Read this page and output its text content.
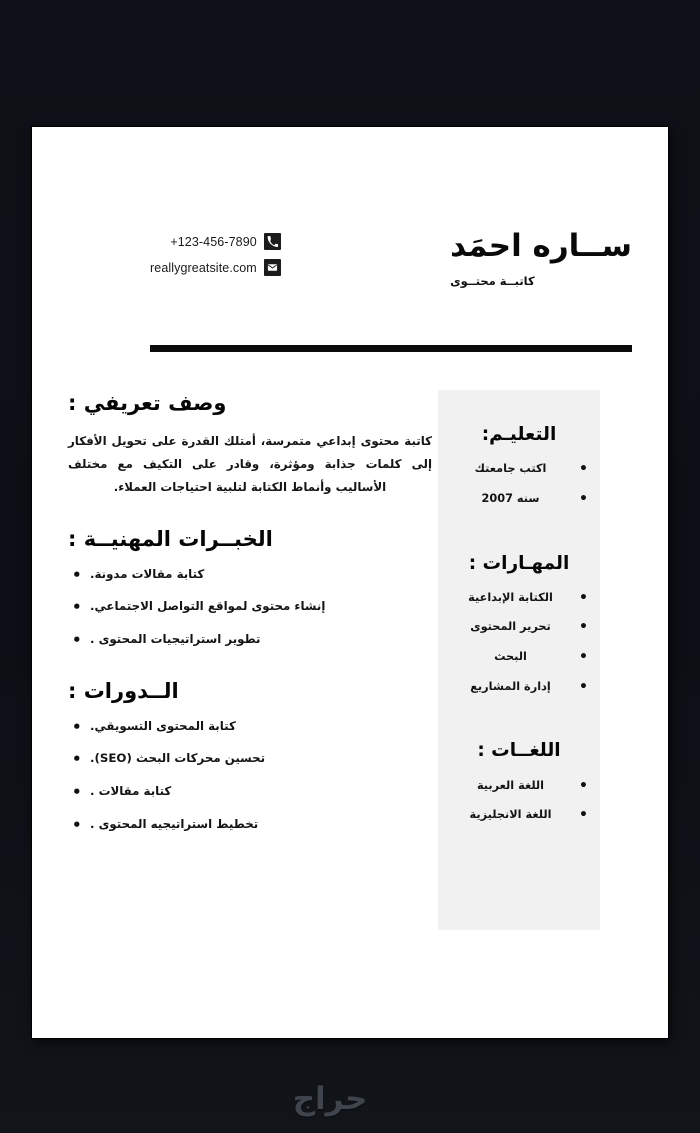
ســاره احمَد
كاتبــة محتــوى
+123-456-7890
reallygreatsite.com
التعليـم:
• اكتب جامعتك
• سنه 2007
المهـارات :
• الكتابة الإبداعية
• تحرير المحتوى
• البحث
• إدارة المشاريع
اللغــات :
• اللغة العربية
• اللغة الانجليزية
وصف تعريفي :

كاتبة محتوى إبداعي متمرسة، أمتلك القدرة على تحويل الأفكار إلى كلمات جذابة ومؤثرة، وقادر على التكيف مع مختلف الأساليب وأنماط الكتابة لتلبية احتياجات العملاء.

الخبــرات المهنيــة :
كتابة مقالات مدونة. •
إنشاء محتوى لمواقع التواصل الاجتماعي. •
تطوير استراتيجيات المحتوى . •
الــدورات :
كتابة المحتوى التسويقي. •
تحسين محركات البحث (SEO). •
كتابة مقالات . •
تخطيط استراتيجيه المحتوى . •
حراج
